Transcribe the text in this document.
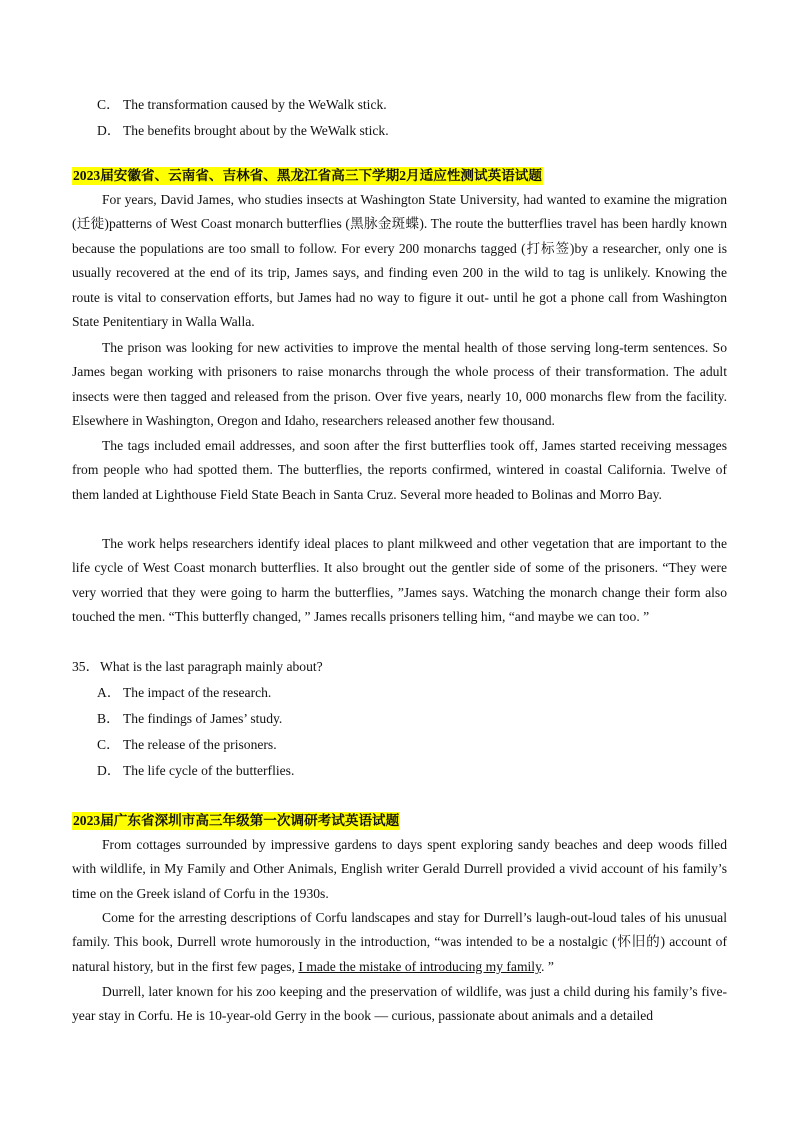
C． The transformation caused by the WeWalk stick.
D． The benefits brought about by the WeWalk stick.
2023届安徽省、云南省、吉林省、黑龙江省高三下学期2月适应性测试英语试题

For years, David James, who studies insects at Washington State University, had wanted to examine the migration (迁徙)patterns of West Coast monarch butterflies (黑脉金斑蝶). The route the butterflies travel has been hardly known because the populations are too small to follow. For every 200 monarchs tagged (打标签)by a researcher, only one is usually recovered at the end of its trip, James says, and finding even 200 in the wild to tag is unlikely. Knowing the route is vital to conservation efforts, but James had no way to figure it out- until he got a phone call from Washington State Penitentiary in Walla Walla.

The prison was looking for new activities to improve the mental health of those serving long-term sentences. So James began working with prisoners to raise monarchs through the whole process of their transformation. The adult insects were then tagged and released from the prison. Over five years, nearly 10, 000 monarchs flew from the facility. Elsewhere in Washington, Oregon and Idaho, researchers released another few thousand.

The tags included email addresses, and soon after the first butterflies took off, James started receiving messages from people who had spotted them. The butterflies, the reports confirmed, wintered in coastal California. Twelve of them landed at Lighthouse Field State Beach in Santa Cruz. Several more headed to Bolinas and Morro Bay.

The work helps researchers identify ideal places to plant milkweed and other vegetation that are important to the life cycle of West Coast monarch butterflies. It also brought out the gentler side of some of the prisoners. “They were very worried that they were going to harm the butterflies, ”James says. Watching the monarch change their form also touched the men. “This butterfly changed, ” James recalls prisoners telling him, “and maybe we can too. ”

35．What is the last paragraph mainly about?
A． The impact of the research.
B． The findings of James’ study.
C． The release of the prisoners.
D． The life cycle of the butterflies.
2023届广东省深圳市高三年级第一次调研考试英语试题

From cottages surrounded by impressive gardens to days spent exploring sandy beaches and deep woods filled with wildlife, in My Family and Other Animals, English writer Gerald Durrell provided a vivid account of his family’s time on the Greek island of Corfu in the 1930s.

Come for the arresting descriptions of Corfu landscapes and stay for Durrell’s laugh-out-loud tales of his unusual family. This book, Durrell wrote humorously in the introduction, “was intended to be a nostalgic (怀旧的) account of natural history, but in the first few pages, I made the mistake of introducing my family. ”

Durrell, later known for his zoo keeping and the preservation of wildlife, was just a child during his family’s five-year stay in Corfu. He is 10-year-old Gerry in the book — curious, passionate about animals and a detailed
